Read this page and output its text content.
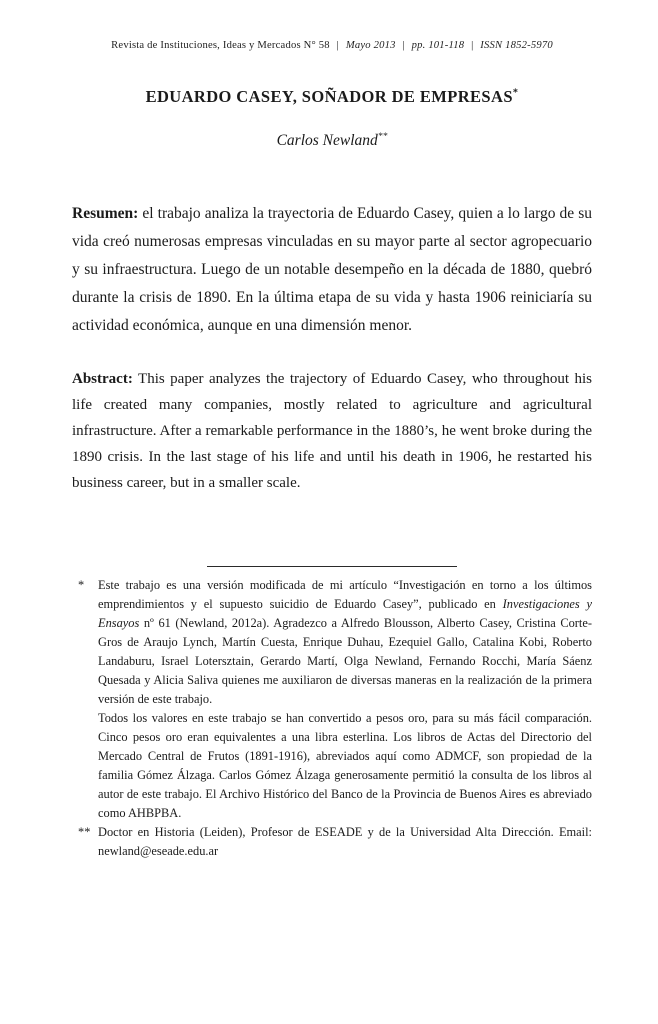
Revista de Instituciones, Ideas y Mercados N° 58 | Mayo 2013 | pp. 101-118 | ISSN 1852-5970
EDUARDO CASEY, SOÑADOR DE EMPRESAS*
Carlos Newland**

Resumen: el trabajo analiza la trayectoria de Eduardo Casey, quien a lo largo de su vida creó numerosas empresas vinculadas en su mayor parte al sector agropecuario y su infraestructura. Luego de un notable desempeño en la década de 1880, quebró durante la crisis de 1890. En la última etapa de su vida y hasta 1906 reiniciaría su actividad económica, aunque en una dimensión menor.

Abstract: This paper analyzes the trajectory of Eduardo Casey, who throughout his life created many companies, mostly related to agriculture and agricultural infrastructure. After a remarkable performance in the 1880’s, he went broke during the 1890 crisis. In the last stage of his life and until his death in 1906, he restarted his business career, but in a smaller scale.

*	Este trabajo es una versión modificada de mi artículo “Investigación en torno a los últimos emprendimientos y el supuesto suicidio de Eduardo Casey”, publicado en Investigaciones y Ensayos nº 61 (Newland, 2012a). Agradezco a Alfredo Blousson, Alberto Casey, Cristina Corte-Gros de Araujo Lynch, Martín Cuesta, Enrique Duhau, Ezequiel Gallo, Catalina Kobi, Roberto Landaburu, Israel Lotersztain, Gerardo Martí, Olga Newland, Fernando Rocchi, María Sáenz Quesada y Alicia Saliva quienes me auxiliaron de diversas maneras en la realización de la primera versión de este trabajo.

Todos los valores en este trabajo se han convertido a pesos oro, para su más fácil comparación. Cinco pesos oro eran equivalentes a una libra esterlina. Los libros de Actas del Directorio del Mercado Central de Frutos (1891-1916), abreviados aquí como ADMCF, son propiedad de la familia Gómez Álzaga. Carlos Gómez Álzaga generosamente permitió la consulta de los libros al autor de este trabajo. El Archivo Histórico del Banco de la Provincia de Buenos Aires es abreviado como AHBPBA.

** Doctor en Historia (Leiden), Profesor de ESEADE y de la Universidad Alta Dirección. Email: newland@eseade.edu.ar
